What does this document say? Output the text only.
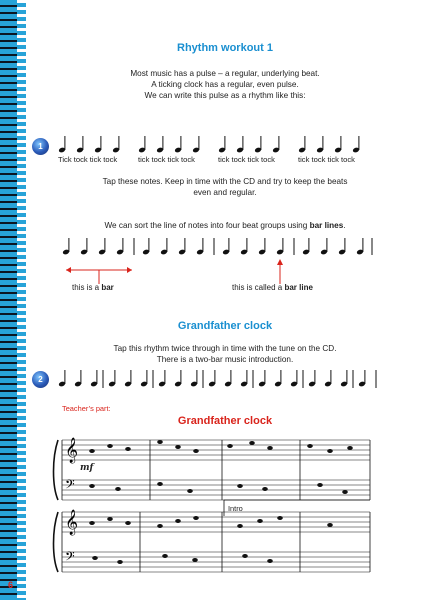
Rhythm workout 1
Most music has a pulse – a regular, underlying beat.
A ticking clock has a regular, even pulse.
We can write this pulse as a rhythm like this:
1
Tick tock tick tock	tick tock tick tock	tick tock tick tock	tick tock tick tock
Tap these notes. Keep in time with the CD and try to keep the beats
even and regular.
We can sort the line of notes into four beat groups using bar lines.
this is a bar	this is called a bar line
Grandfather clock
Tap this rhythm twice through in time with the tune on the CD.
There is a two-bar music introduction.
2
Teacher’s part:
Grandfather clock
𝄞
𝄢
𝄞
𝄢
mf
Intro
6
